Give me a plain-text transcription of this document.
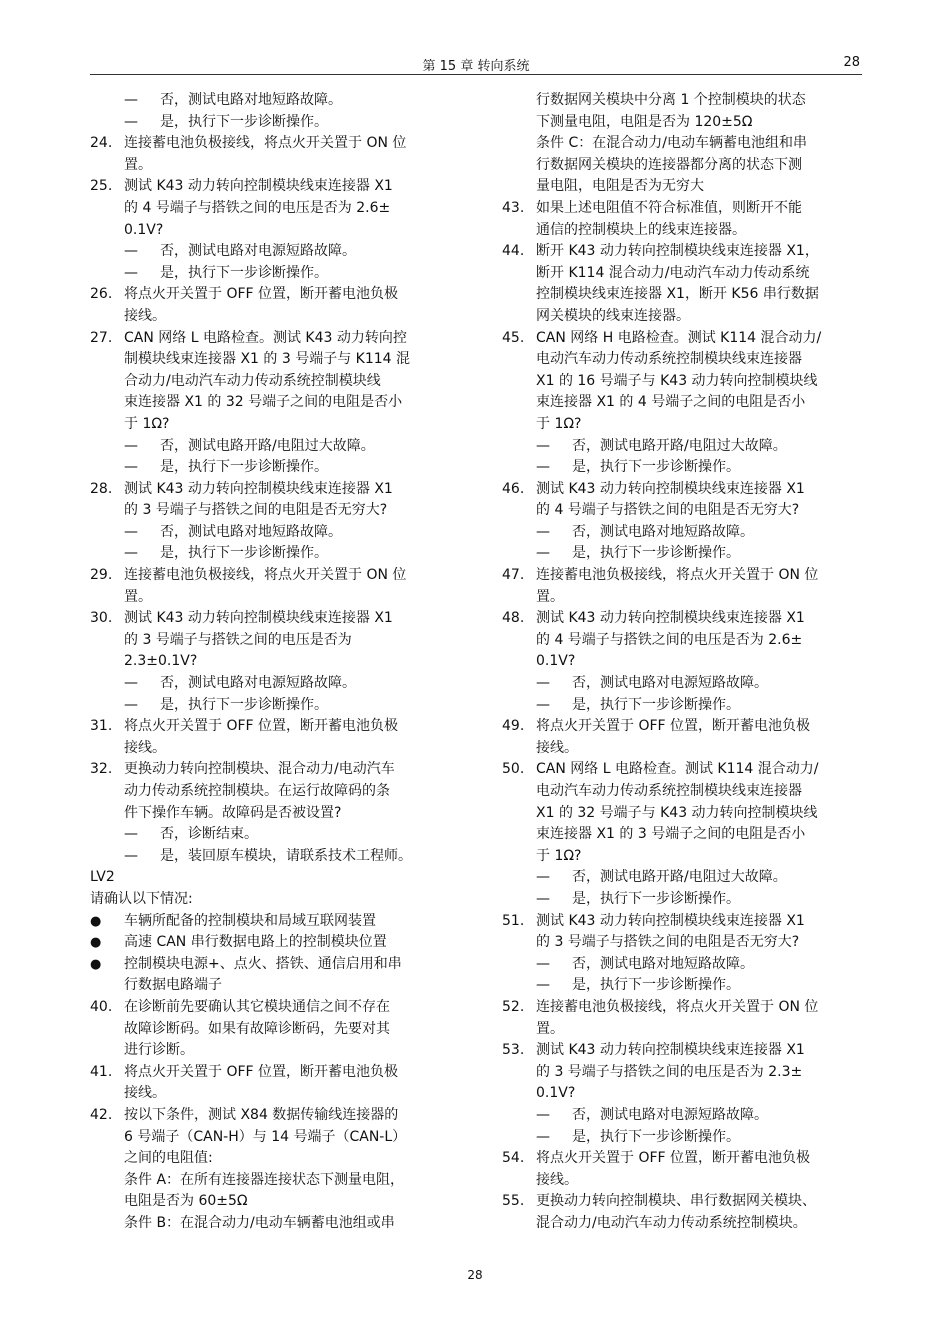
第 15 章 转向系统	28
— 否，测试电路对地短路故障。
— 是，执行下一步诊断操作。
24. 连接蓄电池负极接线，将点火开关置于 ON 位
置。
25. 测试 K43 动力转向控制模块线束连接器 X1
的 4 号端子与搭铁之间的电压是否为 2.6±
0.1V?
— 否，测试电路对电源短路故障。
— 是，执行下一步诊断操作。
26. 将点火开关置于 OFF 位置，断开蓄电池负极
接线。
27. CAN 网络 L 电路检查。测试 K43 动力转向控
制模块线束连接器 X1 的 3 号端子与 K114 混
合动力/电动汽车动力传动系统控制模块线
束连接器 X1 的 32 号端子之间的电阻是否小
于 1Ω?
— 否，测试电路开路/电阻过大故障。
— 是，执行下一步诊断操作。
28. 测试 K43 动力转向控制模块线束连接器 X1
的 3 号端子与搭铁之间的电阻是否无穷大?
— 否，测试电路对地短路故障。
— 是，执行下一步诊断操作。
29. 连接蓄电池负极接线，将点火开关置于 ON 位
置。
30. 测试 K43 动力转向控制模块线束连接器 X1
的 3 号端子与搭铁之间的电压是否为
2.3±0.1V?
— 否，测试电路对电源短路故障。
— 是，执行下一步诊断操作。
31. 将点火开关置于 OFF 位置，断开蓄电池负极
接线。
32. 更换动力转向控制模块、混合动力/电动汽车
动力传动系统控制模块。在运行故障码的条
件下操作车辆。故障码是否被设置?
— 否，诊断结束。
— 是，装回原车模块，请联系技术工程师。
LV2
请确认以下情况:
● 车辆所配备的控制模块和局域互联网装置
● 高速 CAN 串行数据电路上的控制模块位置
● 控制模块电源+、点火、搭铁、通信启用和串
行数据电路端子
40. 在诊断前先要确认其它模块通信之间不存在
故障诊断码。如果有故障诊断码，先要对其
进行诊断。
41. 将点火开关置于 OFF 位置，断开蓄电池负极
接线。
42. 按以下条件，测试 X84 数据传输线连接器的
6 号端子（CAN-H）与 14 号端子（CAN-L）
之间的电阻值:
条件 A：在所有连接器连接状态下测量电阻，
电阻是否为 60±5Ω
条件 B：在混合动力/电动车辆蓄电池组或串
行数据网关模块中分离 1 个控制模块的状态
下测量电阻，电阻是否为 120±5Ω
条件 C：在混合动力/电动车辆蓄电池组和串
行数据网关模块的连接器都分离的状态下测
量电阻，电阻是否为无穷大
43. 如果上述电阻值不符合标准值，则断开不能
通信的控制模块上的线束连接器。
44. 断开 K43 动力转向控制模块线束连接器 X1，
断开 K114 混合动力/电动汽车动力传动系统
控制模块线束连接器 X1，断开 K56 串行数据
网关模块的线束连接器。
45. CAN 网络 H 电路检查。测试 K114 混合动力/
电动汽车动力传动系统控制模块线束连接器
X1 的 16 号端子与 K43 动力转向控制模块线
束连接器 X1 的 4 号端子之间的电阻是否小
于 1Ω?
— 否，测试电路开路/电阻过大故障。
— 是，执行下一步诊断操作。
46. 测试 K43 动力转向控制模块线束连接器 X1
的 4 号端子与搭铁之间的电阻是否无穷大?
— 否，测试电路对地短路故障。
— 是，执行下一步诊断操作。
47. 连接蓄电池负极接线，将点火开关置于 ON 位
置。
48. 测试 K43 动力转向控制模块线束连接器 X1
的 4 号端子与搭铁之间的电压是否为 2.6±
0.1V?
— 否，测试电路对电源短路故障。
— 是，执行下一步诊断操作。
49. 将点火开关置于 OFF 位置，断开蓄电池负极
接线。
50. CAN 网络 L 电路检查。测试 K114 混合动力/
电动汽车动力传动系统控制模块线束连接器
X1 的 32 号端子与 K43 动力转向控制模块线
束连接器 X1 的 3 号端子之间的电阻是否小
于 1Ω?
— 否，测试电路开路/电阻过大故障。
— 是，执行下一步诊断操作。
51. 测试 K43 动力转向控制模块线束连接器 X1
的 3 号端子与搭铁之间的电阻是否无穷大?
— 否，测试电路对地短路故障。
— 是，执行下一步诊断操作。
52. 连接蓄电池负极接线，将点火开关置于 ON 位
置。
53. 测试 K43 动力转向控制模块线束连接器 X1
的 3 号端子与搭铁之间的电压是否为 2.3±
0.1V?
— 否，测试电路对电源短路故障。
— 是，执行下一步诊断操作。
54. 将点火开关置于 OFF 位置，断开蓄电池负极
接线。
55. 更换动力转向控制模块、串行数据网关模块、
混合动力/电动汽车动力传动系统控制模块。
28
